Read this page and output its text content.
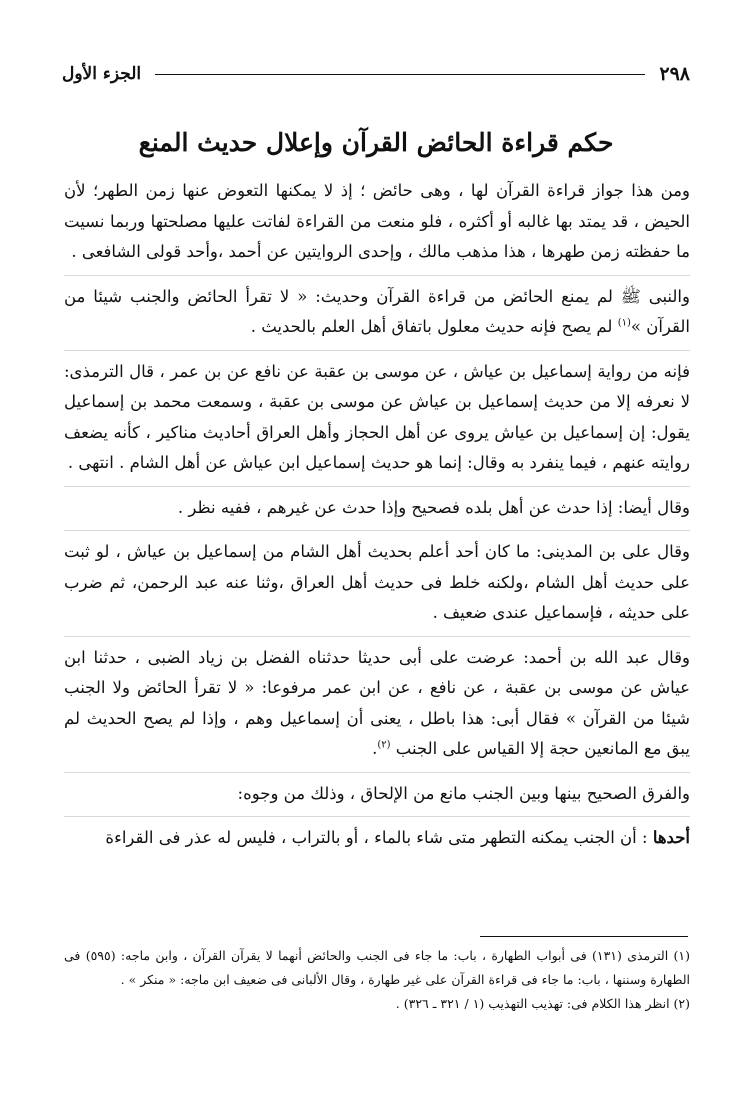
٢٩٨
الجزء الأول
حكم قراءة الحائض القرآن وإعلال حديث المنع

ومن هذا جواز قراءة القرآن لها ، وهى حائض ؛ إذ لا يمكنها التعوض عنها زمن الطهر؛ لأن الحيض ، قد يمتد بها غالبه أو أكثره ، فلو منعت من القراءة لفاتت عليها مصلحتها وربما نسيت ما حفظته زمن طهرها ، هذا مذهب مالك ، وإحدى الروايتين عن أحمد ،وأحد قولى الشافعى .

والنبى ﷺ لم يمنع الحائض من قراءة القرآن وحديث: « لا تقرأ الحائض والجنب شيئا من القرآن »$^{(١)}$ لم يصح فإنه حديث معلول باتفاق أهل العلم بالحديث .

فإنه من رواية إسماعيل بن عياش ، عن موسى بن عقبة عن نافع عن بن عمر ، قال الترمذى: لا نعرفه إلا من حديث إسماعيل بن عياش عن موسى بن عقبة ، وسمعت محمد بن إسماعيل يقول: إن إسماعيل بن عياش يروى عن أهل الحجاز وأهل العراق أحاديث مناكير ، كأنه يضعف روايته عنهم ، فيما ينفرد به وقال: إنما هو حديث إسماعيل ابن عياش عن أهل الشام . انتهى .

وقال أيضا: إذا حدث عن أهل بلده فصحيح وإذا حدث عن غيرهم ، ففيه نظر .

وقال على بن المدينى: ما كان أحد أعلم بحديث أهل الشام من إسماعيل بن عياش ، لو ثبت على حديث أهل الشام ،ولكنه خلط فى حديث أهل العراق ،وثنا عنه عبد الرحمن، ثم ضرب على حديثه ، فإسماعيل عندى ضعيف .

وقال عبد الله بن أحمد: عرضت على أبى حديثا حدثناه الفضل بن زياد الضبى ، حدثنا ابن عياش عن موسى بن عقبة ، عن نافع ، عن ابن عمر مرفوعا: « لا تقرأ الحائض ولا الجنب شيئا من القرآن » فقال أبى: هذا باطل ، يعنى أن إسماعيل وهم ، وإذا لم يصح الحديث لم يبق مع المانعين حجة إلا القياس على الجنب $^{(٢)}$.

والفرق الصحيح بينها وبين الجنب مانع من الإلحاق ، وذلك من وجوه:

أحدها : أن الجنب يمكنه التطهر متى شاء بالماء ، أو بالتراب ، فليس له عذر فى القراءة

(١) الترمذى (١٣١) فى أبواب الطهارة ، باب: ما جاء فى الجنب والحائض أنهما لا يقرآن القرآن ، وابن ماجه: (٥٩٥) فى الطهارة وسننها ، باب: ما جاء فى قراءة القرآن على غير طهارة ، وقال الألبانى فى ضعيف ابن ماجه: « منكر » .

(٢) انظر هذا الكلام فى: تهذيب التهذيب (١ / ٣٢١ ـ ٣٢٦) .
